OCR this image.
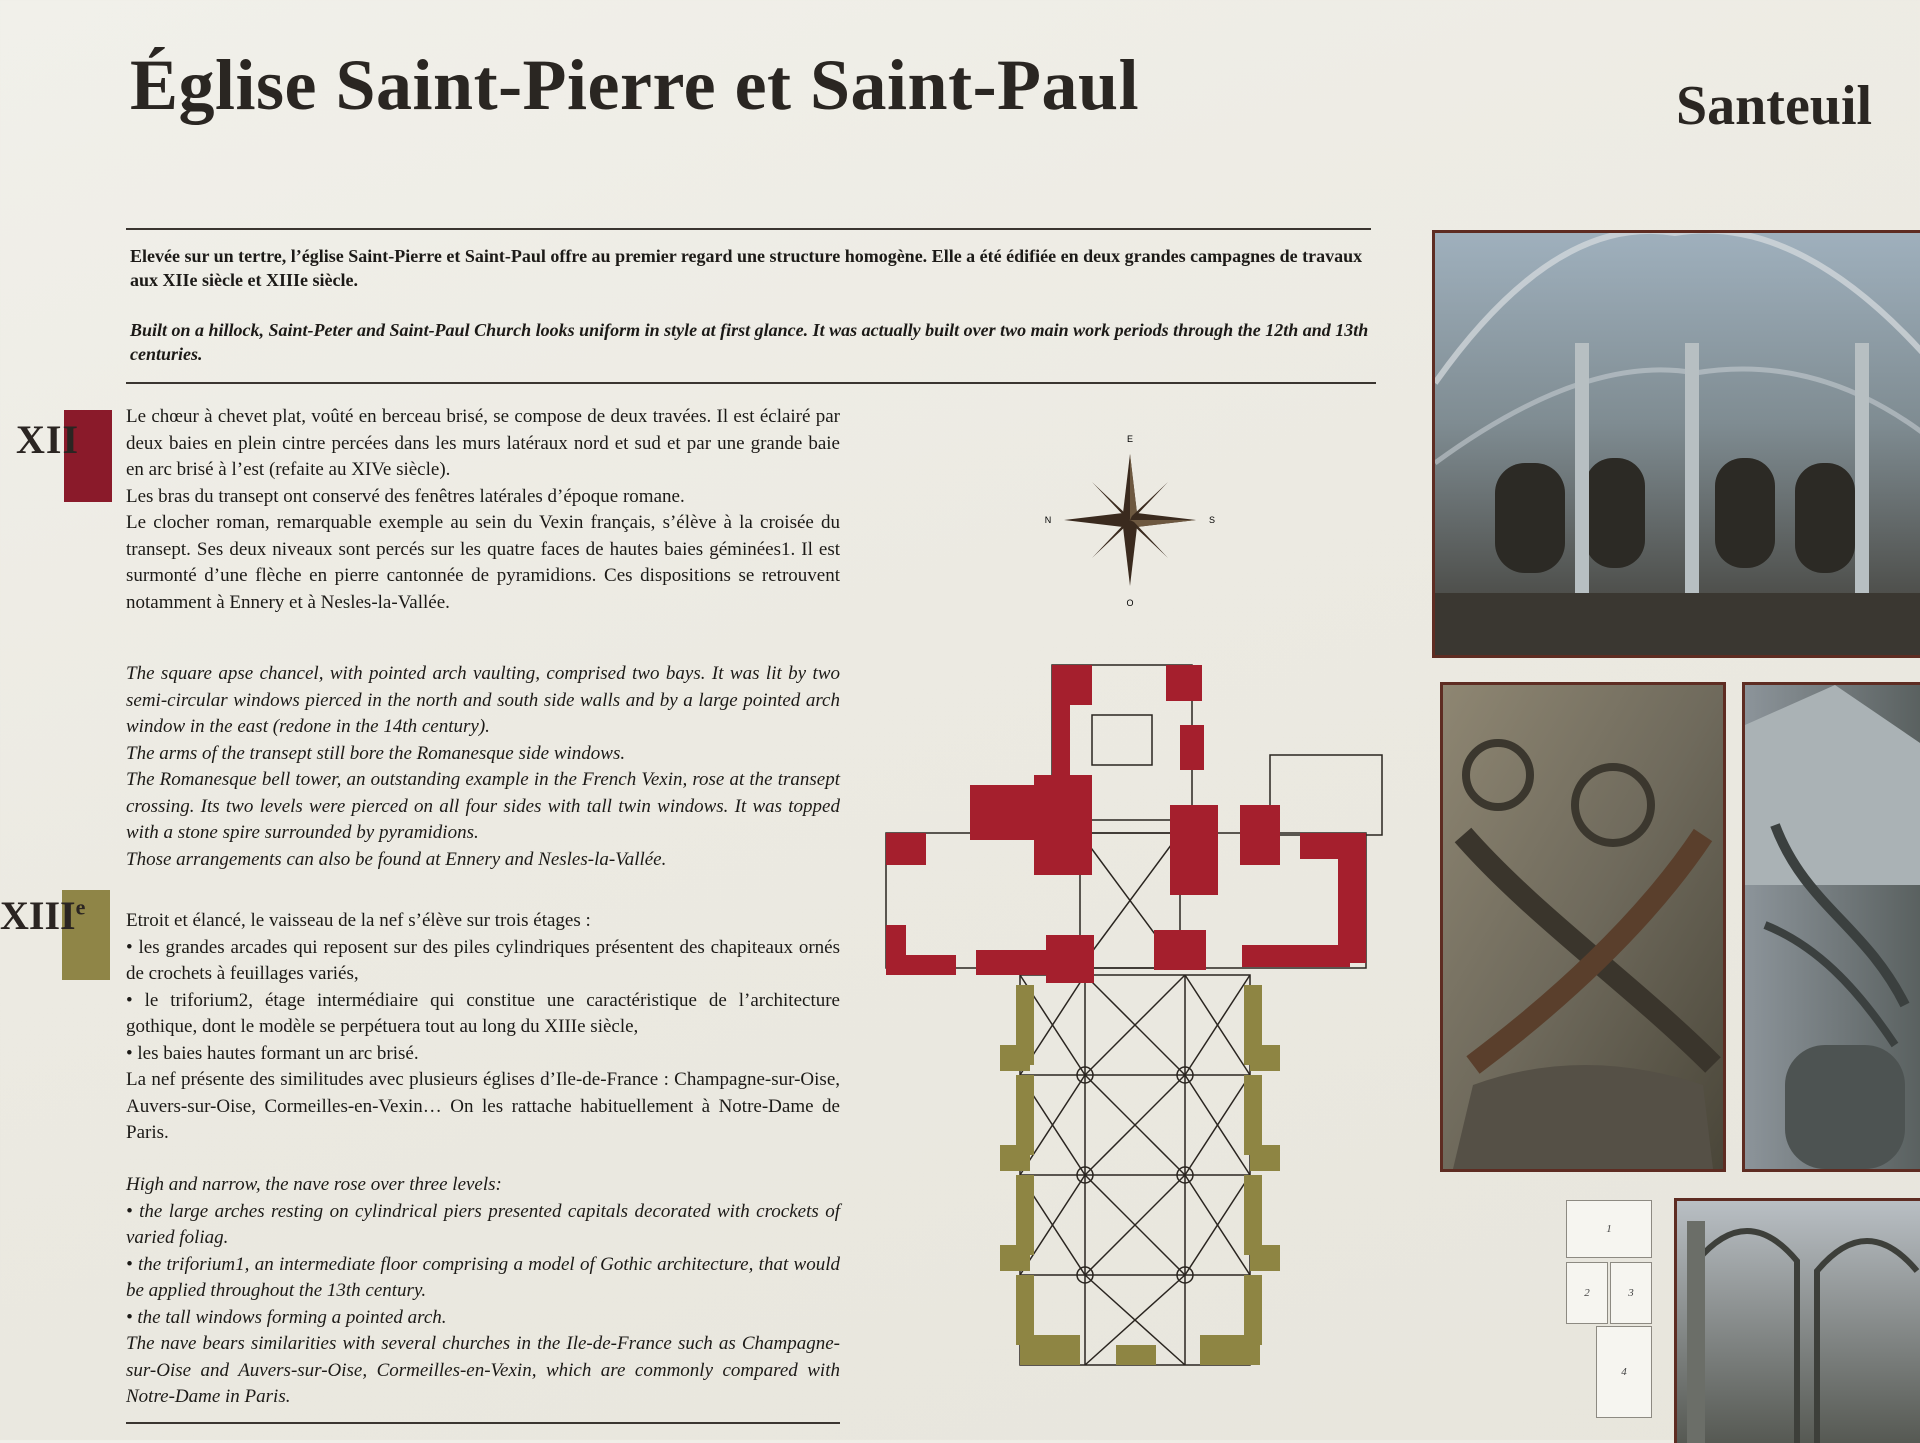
Église Saint-Pierre et Saint-Paul	Santeuil

Elevée sur un tertre, l’église Saint-Pierre et Saint-Paul offre au premier regard une structure homogène. Elle a été édifiée en deux grandes campagnes de travaux aux XIIe siècle et XIIIe siècle.

Built on a hillock, Saint-Peter and Saint-Paul Church looks uniform in style at first glance. It was actually built over two main work periods through the 12th and 13th centuries.

XII
XIIIe

Le chœur à chevet plat, voûté en berceau brisé, se compose de deux travées. Il est éclairé par deux baies en plein cintre percées dans les murs latéraux nord et sud et par une grande baie en arc brisé à l’est (refaite au XIVe siècle).

Les bras du transept ont conservé des fenêtres latérales d’époque romane.

Le clocher roman, remarquable exemple au sein du Vexin français, s’élève à la croisée du transept. Ses deux niveaux sont percés sur les quatre faces de hautes baies géminées1. Il est surmonté d’une flèche en pierre cantonnée de pyramidions. Ces dispositions se retrouvent notamment à Ennery et à Nesles-la-Vallée.

The square apse chancel, with pointed arch vaulting, comprised two bays. It was lit by two semi-circular windows pierced in the north and south side walls and by a large pointed arch window in the east (redone in the 14th century).

The arms of the transept still bore the Romanesque side windows.

The Romanesque bell tower, an outstanding example in the French Vexin, rose at the transept crossing. Its two levels were pierced on all four sides with tall twin windows. It was topped with a stone spire surrounded by pyramidions.

Those arrangements can also be found at Ennery and Nesles-la-Vallée.

Etroit et élancé, le vaisseau de la nef s’élève sur trois étages :

• les grandes arcades qui reposent sur des piles cylindriques présentent des chapiteaux ornés de crochets à feuillages variés,

• le triforium2, étage intermédiaire qui constitue une caractéristique de l’architecture gothique, dont le modèle se perpétuera tout au long du XIIIe siècle,

• les baies hautes formant un arc brisé.

La nef présente des similitudes avec plusieurs églises d’Ile-de-France : Champagne-sur-Oise, Auvers-sur-Oise, Cormeilles-en-Vexin… On les rattache habituellement à Notre-Dame de Paris.

High and narrow, the nave rose over three levels:

• the large arches resting on cylindrical piers presented capitals decorated with crockets of varied foliag.

• the triforium1, an intermediate floor comprising a model of Gothic architecture, that would be applied throughout the 13th century.

• the tall windows forming a pointed arch.

The nave bears similarities with several churches in the Ile-de-France such as Champagne-sur-Oise and Auvers-sur-Oise, Cormeilles-en-Vexin, which are commonly compared with Notre-Dame in Paris.

E
N	S
O
1
2	3
4
